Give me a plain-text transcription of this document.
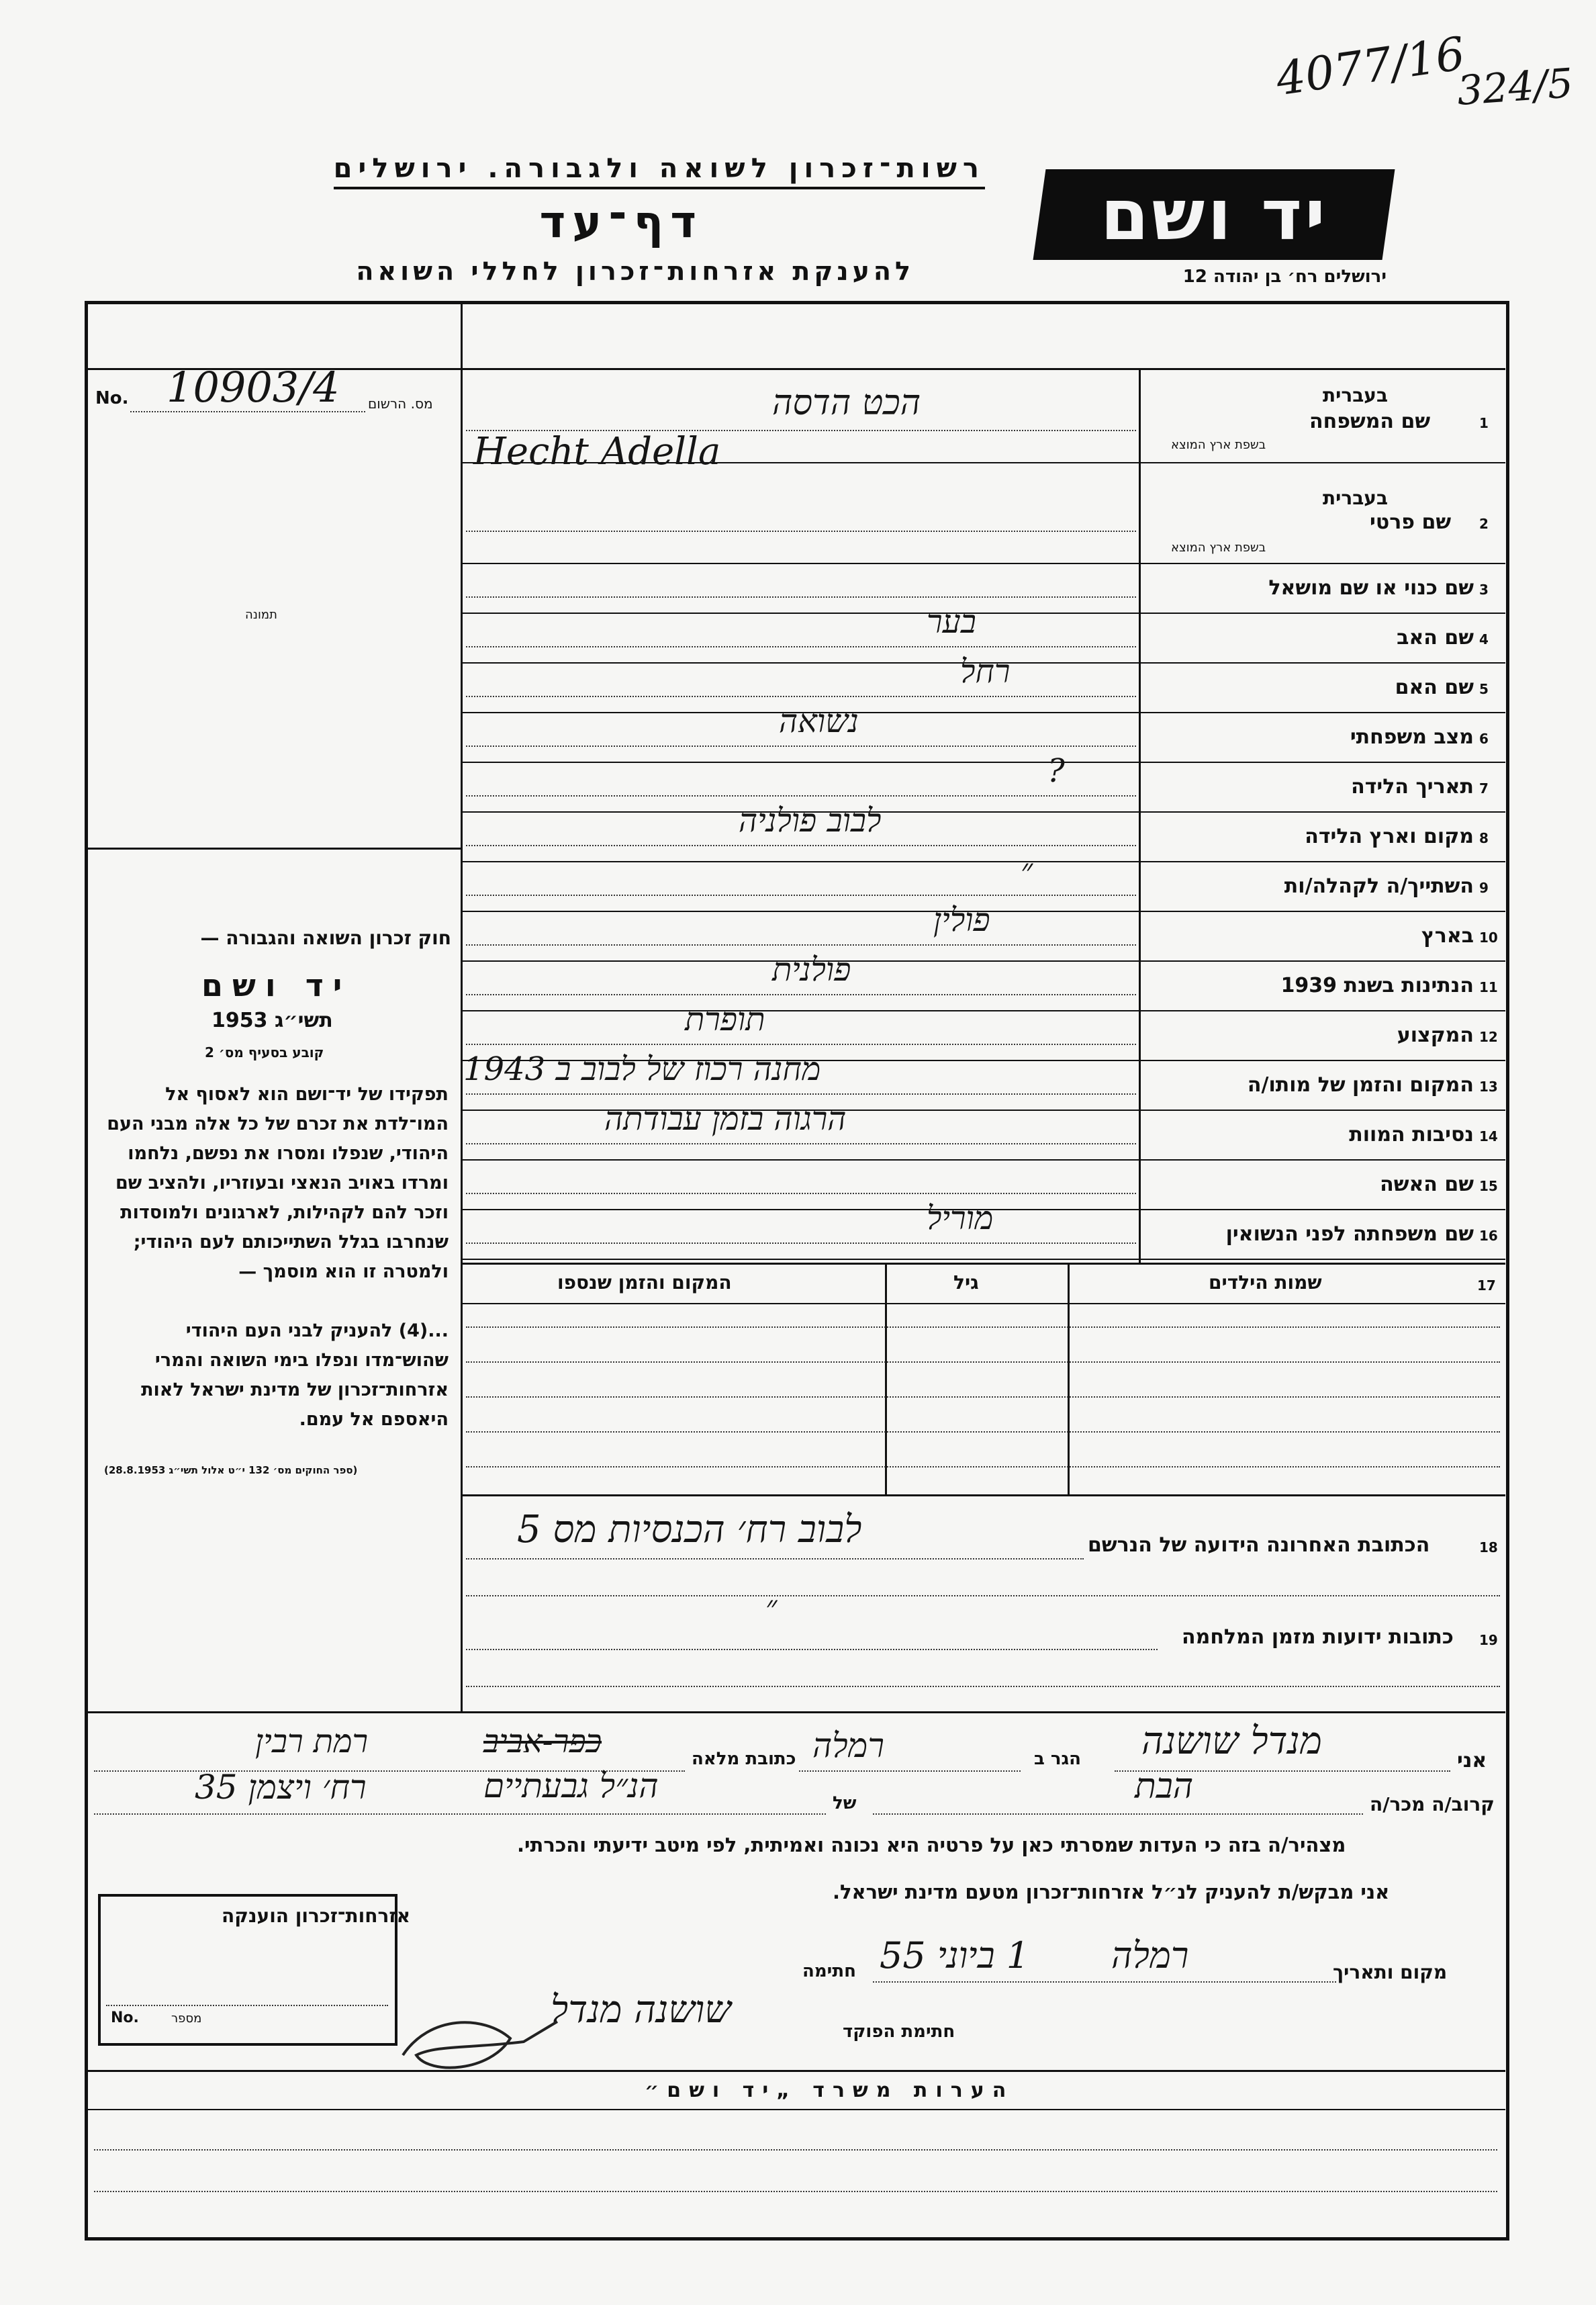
4077/16
324/5
רשות־זכרון לשואה ולגבורה. ירושלים
דף־עד
להענקת אזרחות־זכרון לחללי השואה
יד ושם
ירושלים רח׳ בן יהודה 12
No. 10903/4 מס. הרשום
תמונה
חוק זכרון השואה והגבורה —
יד ושם
תשי״ג 1953
קובע בסעיף מס׳ 2
תפקידו של יד־ושם הוא לאסוף אל המו־לדת את זכרם של כל אלה מבני העם היהודי, שנפלו ומסרו את נפשם, נלחמו ומרדו באויב הנאצי ובעוזריו, ולהציב שם וזכר להם לקהילות, לארגונים ולמוסדות שנחרבו בגלל השתייכותם לעם היהודי; ולמטרה זו הוא מוסמך —
...(4) להעניק לבני העם היהודי שהוש־מדו ונפלו בימי השואה והמרי אזרחות־זכרון של מדינת ישראל לאות היאספם אל עמם.
(ספר החוקים מס׳ 132 י״ט אלול תשי״ג 28.8.1953)
בעברית
שם המשפחה	1
בשפת ארץ המוצא
הכט הדסה
בעברית
שם פרטי 2
בשפת ארץ המוצא
Hecht Adella
שם כנוי או שם מושאל 3
שם האב 4
בער
שם האם 5
רחל
מצב משפחתי 6
נשואה
תאריך הלידה 7
?
מקום וארץ הלידה 8
לבוב פולניה
השתייך/ה לקהלה/ות 9
״
בארץ 10
פולין
הנתינות בשנת 1939 11
פולנית
המקצוע 12
תופרת
המקום והזמן של מותו/ה 13
מחנה רכוז של לבוב ב 1943
נסיבות המוות 14
הרגוה בזמן עבודתה
שם האשה 15
שם משפחתה לפני הנשואין 16
מוריל
שמות הילדים	17
גיל
המקום והזמן שנספו
הכתובת האחרונה הידועה של הנרשם	18
לבוב רח׳ הכנסיות מס 5
״
כתובות ידועות מזמן המלחמה 19
אני
מנדל שושנה
הגר ב
רמלה
כתובת מלאה
כפר-אביב
רמת רבין
קרוב/ה מכר/ה
הבת
של
הנ״ל גבעתיים
רח׳ ויצמן 35
מצהיר/ה בזה כי העדות שמסרתי כאן על פרטיה היא נכונה ואמיתית, לפי מיטב ידיעתי והכרתי.
אני מבקש/ת להעניק לנ״ל אזרחות־זכרון מטעם מדינת ישראל.
מקום ותאריך
רמלה
1 ביוני 55
חתימה
חתימת הפוקד
שושנה מנדל
אזרחות־זכרון הוענקה
No.	מספר
הערות משרד „יד ושם״
